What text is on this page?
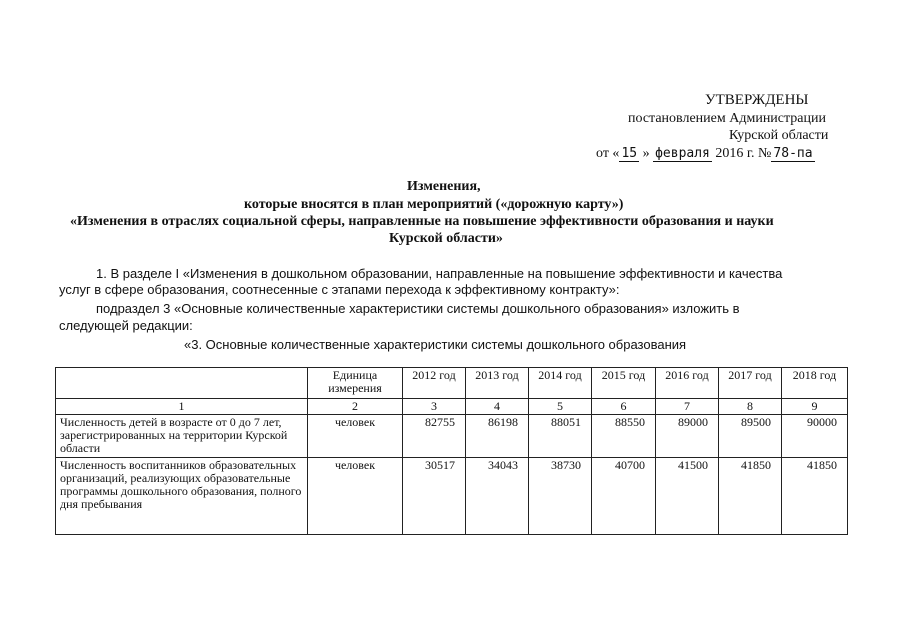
УТВЕРЖДЕНЫ
постановлением Администрации
Курской области
от « 15 » февраля 2016 г. № 78-па
Изменения,
которые вносятся в план мероприятий («дорожную карту»)
«Изменения в отраслях социальной сферы, направленные на повышение эффективности образования и науки
Курской области»
1. В разделе I «Изменения в дошкольном образовании, направленные на повышение эффективности и качества
услуг в сфере образования, соотнесенные с этапами перехода к эффективному контракту»:
подраздел 3 «Основные количественные характеристики системы дошкольного образования» изложить в
следующей редакции:
«3. Основные количественные характеристики системы дошкольного образования
	Единица измерения	2012 год	2013 год	2014 год	2015 год	2016 год	2017 год	2018 год
1	2	3	4	5	6	7	8	9
Численность детей в возрасте от 0 до 7 лет, зарегистрированных на территории Курской области	человек	82755	86198	88051	88550	89000	89500	90000
Численность воспитанников образовательных организаций, реализующих образовательные программы дошкольного образования, полного дня пребывания	человек	30517	34043	38730	40700	41500	41850	41850
